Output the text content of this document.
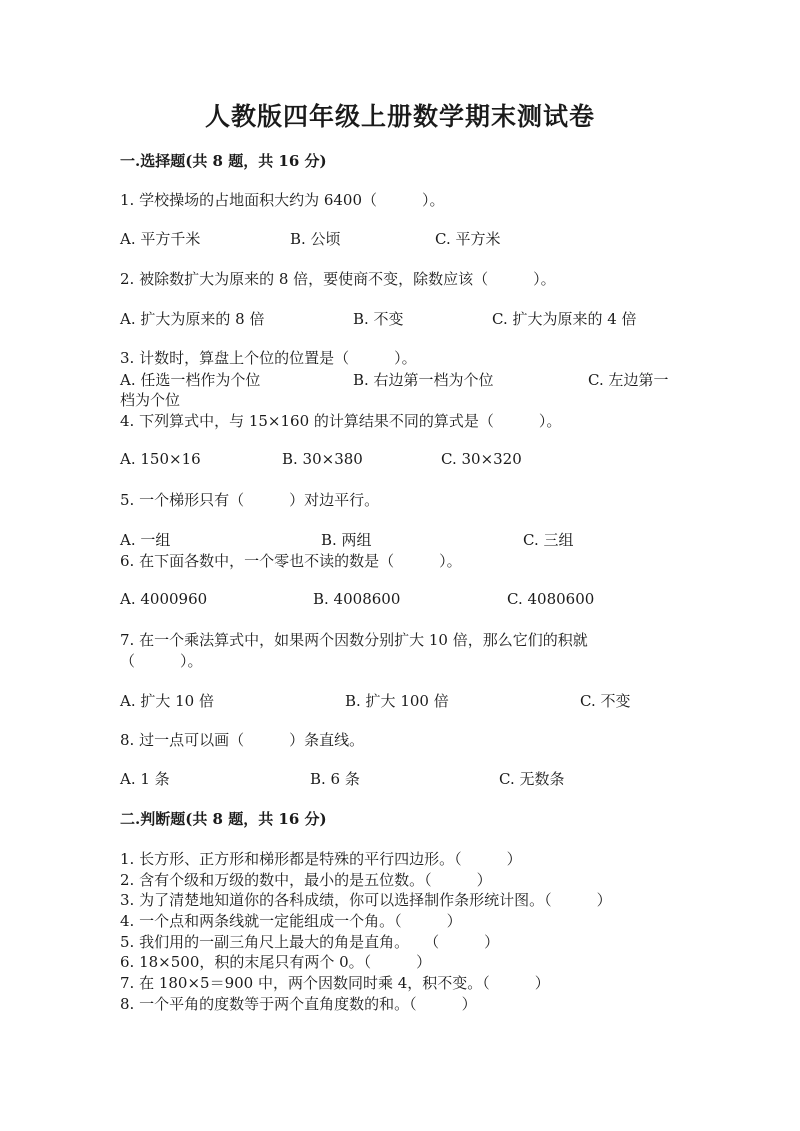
人教版四年级上册数学期末测试卷
一.选择题(共 8 题，共 16 分)
1. 学校操场的占地面积大约为 6400（　　　）。
A. 平方千米	B. 公顷	C. 平方米
2. 被除数扩大为原来的 8 倍，要使商不变，除数应该（　　　）。
A. 扩大为原来的 8 倍	B. 不变	C. 扩大为原来的 4 倍
3. 计数时，算盘上个位的位置是（　　　）。
A. 任选一档作为个位	B. 右边第一档为个位	C. 左边第一
档为个位
4. 下列算式中，与 15×160 的计算结果不同的算式是（　　　）。
A. 150×16	B. 30×380	C. 30×320
5. 一个梯形只有（　　　）对边平行。
A. 一组	B. 两组	C. 三组
6. 在下面各数中，一个零也不读的数是（　　　）。
A. 4000960	B. 4008600	C. 4080600
7. 在一个乘法算式中，如果两个因数分别扩大 10 倍，那么它们的积就
（　　　）。
A. 扩大 10 倍	B. 扩大 100 倍	C. 不变
8. 过一点可以画（　　　）条直线。
A. 1 条	B. 6 条	C. 无数条
二.判断题(共 8 题，共 16 分)
1. 长方形、正方形和梯形都是特殊的平行四边形。（　　　）
2. 含有个级和万级的数中，最小的是五位数。（　　　）
3. 为了清楚地知道你的各科成绩，你可以选择制作条形统计图。（　　　）
4. 一个点和两条线就一定能组成一个角。（　　　）
5. 我们用的一副三角尺上最大的角是直角。　　（　　　）
6. 18×500，积的末尾只有两个 0。（　　　）
7. 在 180×5＝900 中，两个因数同时乘 4，积不变。（　　　）
8. 一个平角的度数等于两个直角度数的和。（　　　）
